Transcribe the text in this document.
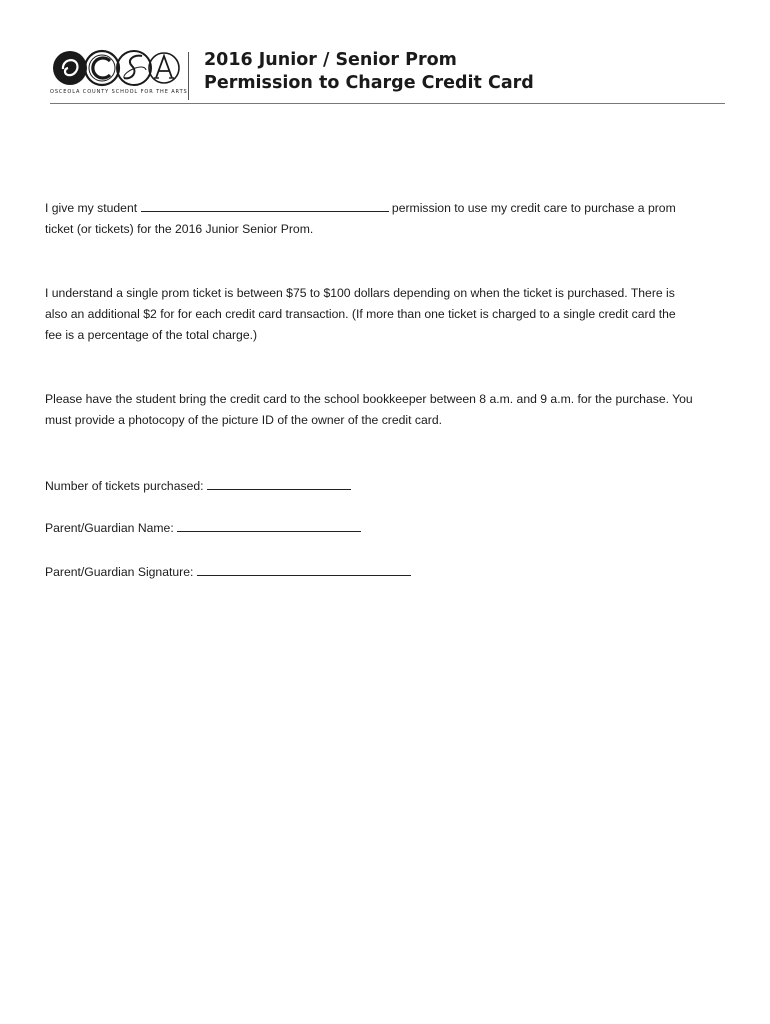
OSCEOLA COUNTY SCHOOL FOR THE ARTS
2016 Junior / Senior Prom
Permission to Charge Credit Card
I give my student	permission to use my credit care to purchase a prom
ticket (or tickets) for the 2016 Junior Senior Prom.
I understand a single prom ticket is between $75 to $100 dollars depending on when the ticket is purchased. There is
also an additional $2 for for each credit card transaction. (If more than one ticket is charged to a single credit card the
fee is a percentage of the total charge.)
Please have the student bring the credit card to the school bookkeeper between 8 a.m. and 9 a.m. for the purchase. You
must provide a photocopy of the picture ID of the owner of the credit card.
Number of tickets purchased:
Parent/Guardian Name:
Parent/Guardian Signature:
